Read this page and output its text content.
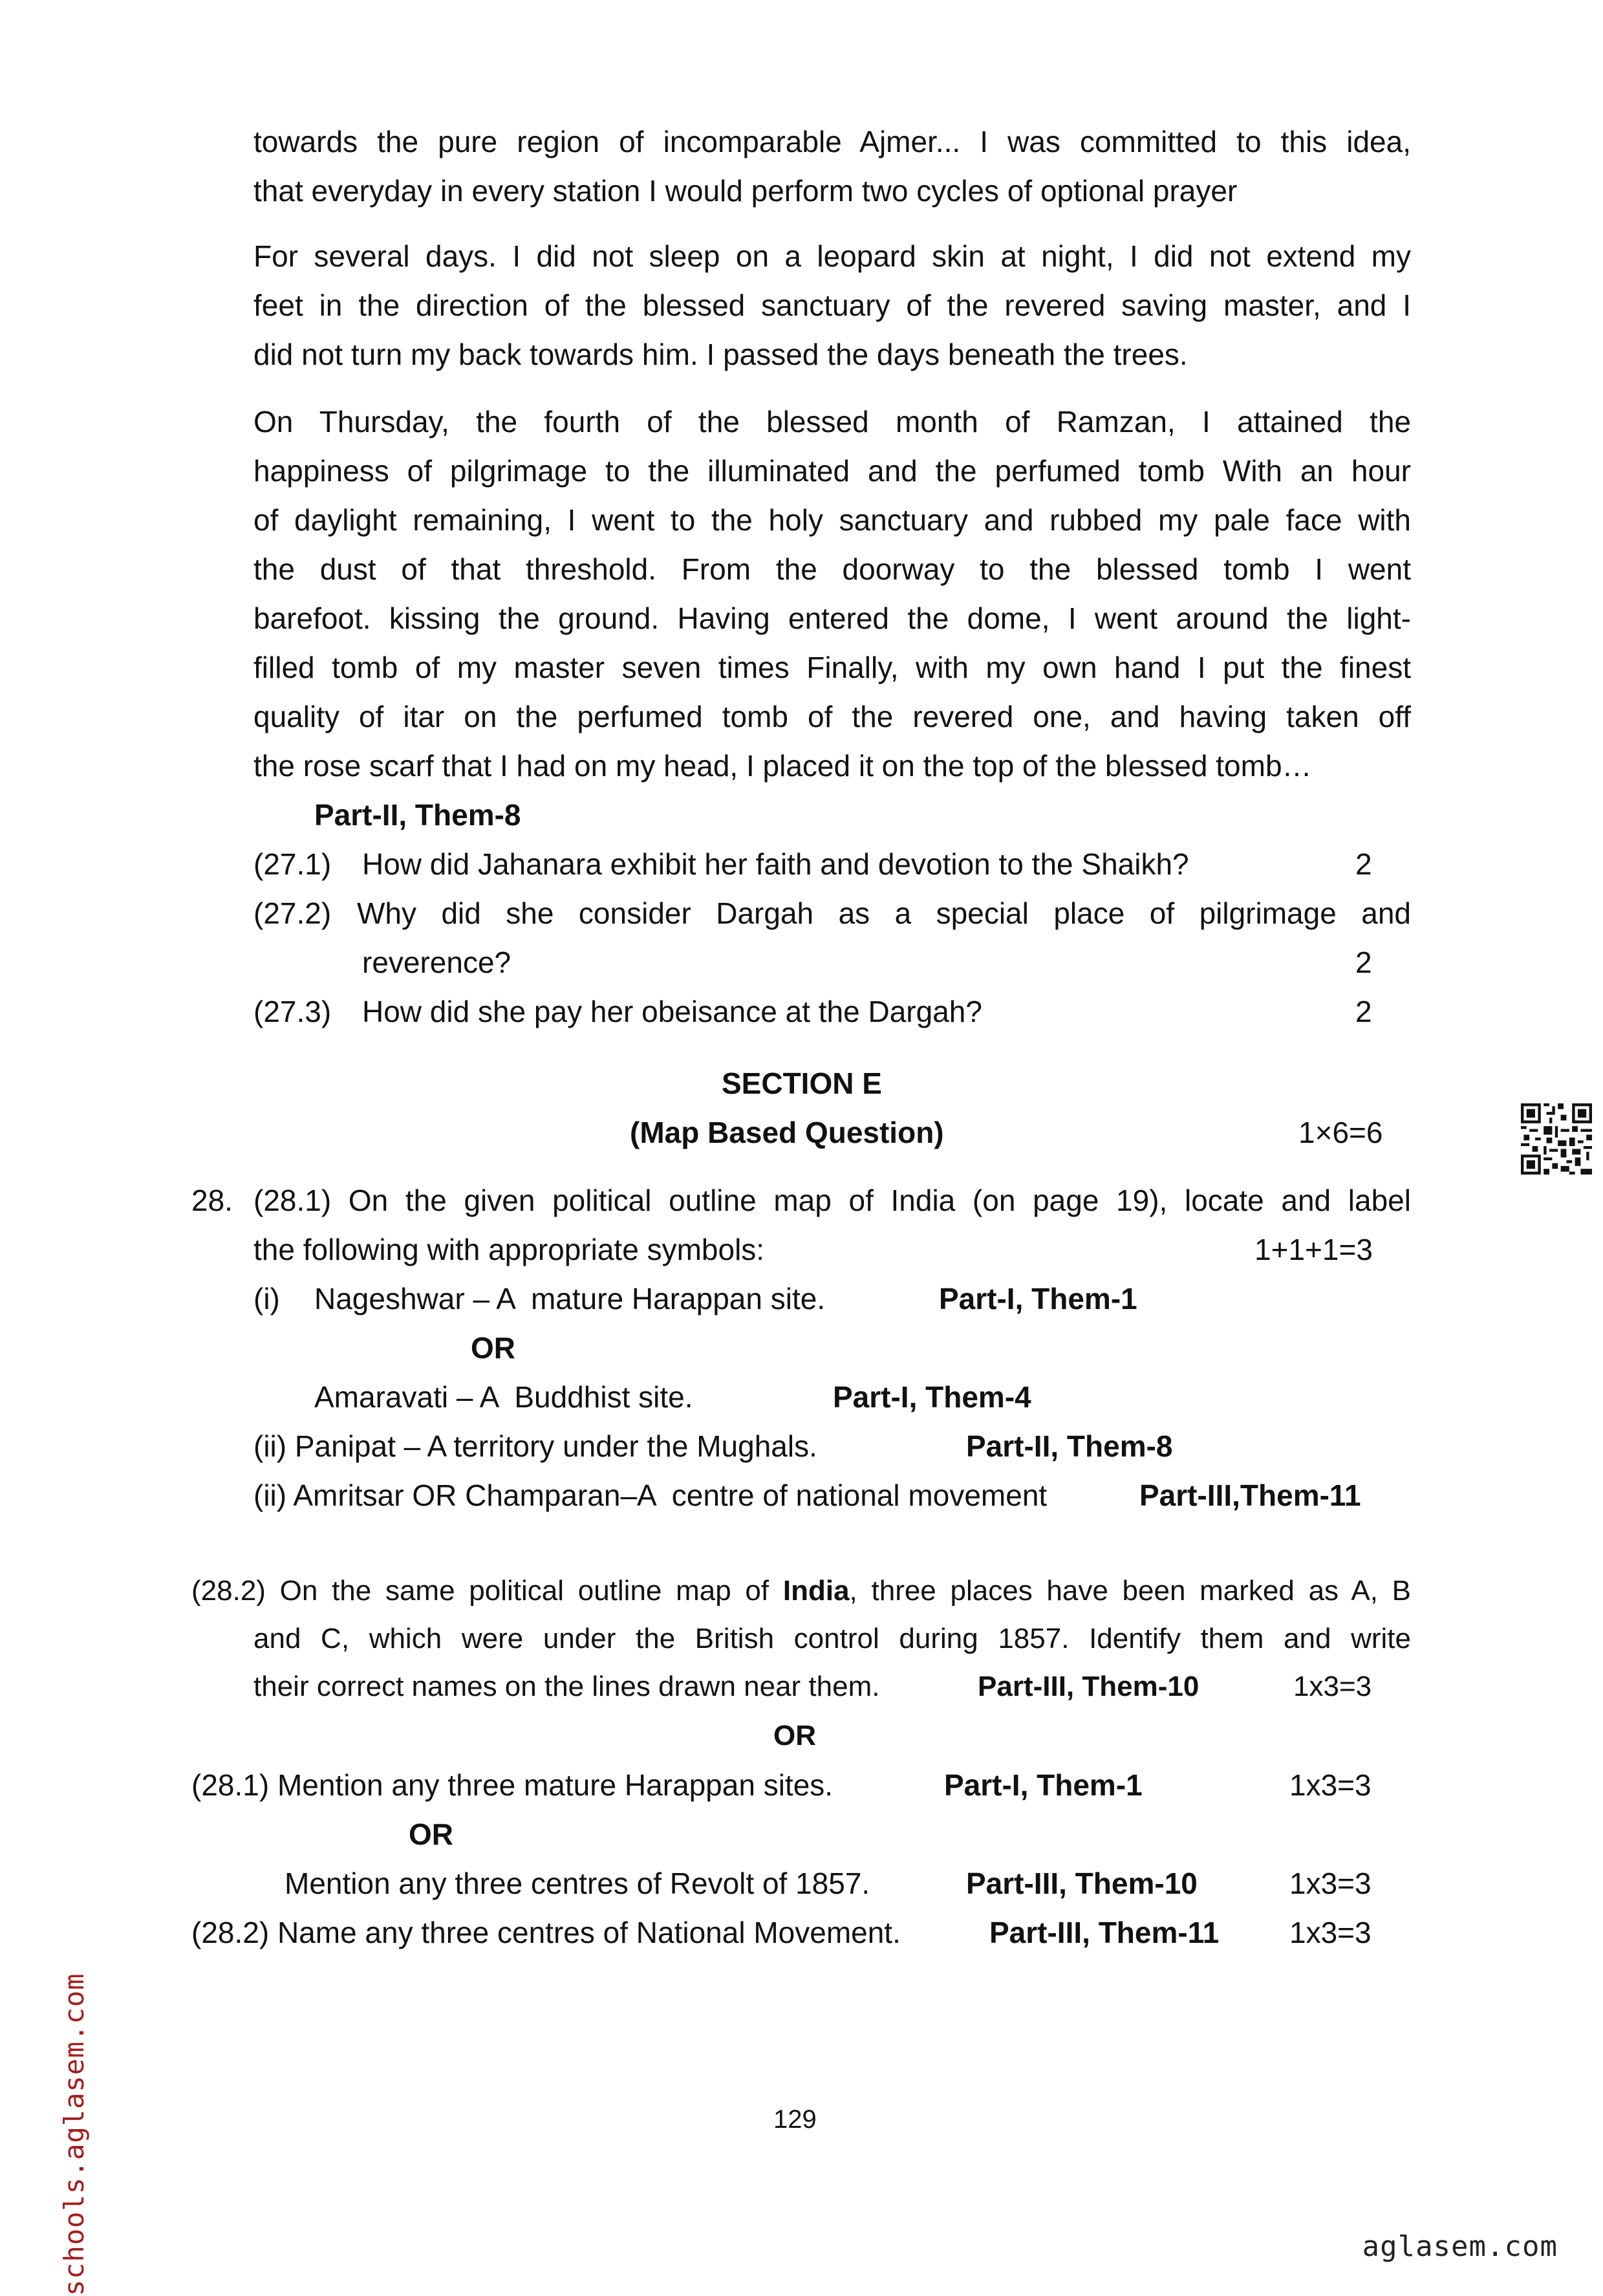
towards the pure region of incomparable Ajmer... I was committed to this idea,
that everyday in every station I would perform two cycles of optional prayer
For several days. I did not sleep on a leopard skin at night, I did not extend my
feet in the direction of the blessed sanctuary of the revered saving master, and I
did not turn my back towards him. I passed the days beneath the trees.
On Thursday, the fourth of the blessed month of Ramzan, I attained the
happiness of pilgrimage to the illuminated and the perfumed tomb With an hour
of daylight remaining, I went to the holy sanctuary and rubbed my pale face with
the dust of that threshold. From the doorway to the blessed tomb I went
barefoot. kissing the ground. Having entered the dome, I went around the light-
filled tomb of my master seven times Finally, with my own hand I put the finest
quality of itar on the perfumed tomb of the revered one, and having taken off
the rose scarf that I had on my head, I placed it on the top of the blessed tomb…
Part-II, Them-8
(27.1) How did Jahanara exhibit her faith and devotion to the Shaikh?	2
(27.2) Why did she consider Dargah as a special place of pilgrimage and
reverence?	2
(27.3) How did she pay her obeisance at the Dargah?	2
SECTION E
(Map Based Question)	1×6=6
28. (28.1) On the given political outline map of India (on page 19), locate and label
the following with appropriate symbols:	1+1+1=3
(i) Nageshwar – A  mature Harappan site.	Part-I, Them-1
OR
Amaravati – A  Buddhist site.	Part-I, Them-4
(ii) Panipat – A territory under the Mughals.	Part-II, Them-8
(ii) Amritsar OR Champaran–A  centre of national movement	Part-III,Them-11
(28.2) On the same political outline map of India, three places have been marked as A, B
and C, which were under the British control during 1857. Identify them and write
their correct names on the lines drawn near them.	Part-III, Them-10	1x3=3
OR
(28.1) Mention any three mature Harappan sites.	Part-I, Them-1	1x3=3
OR
Mention any three centres of Revolt of 1857.	Part-III, Them-10	1x3=3
(28.2) Name any three centres of National Movement.	Part-III, Them-11 1x3=3
129
schools.aglasem.com	aglasem.com
